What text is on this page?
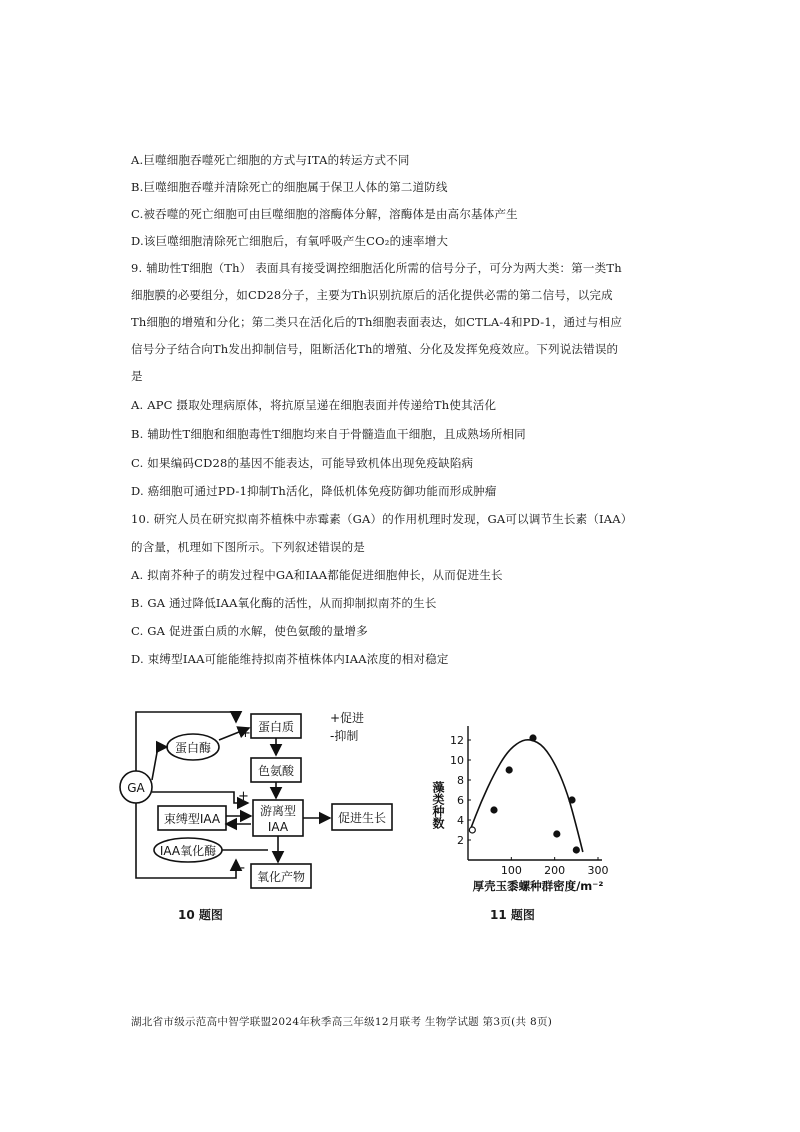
A.巨噬细胞吞噬死亡细胞的方式与ITA的转运方式不同
B.巨噬细胞吞噬并清除死亡的细胞属于保卫人体的第二道防线
C.被吞噬的死亡细胞可由巨噬细胞的溶酶体分解，溶酶体是由高尔基体产生
D.该巨噬细胞清除死亡细胞后，有氧呼吸产生CO₂的速率增大
9. 辅助性T细胞（Th） 表面具有接受调控细胞活化所需的信号分子，可分为两大类：第一类Th
细胞膜的必要组分，如CD28分子，主要为Th识别抗原后的活化提供必需的第二信号，以完成
Th细胞的增殖和分化；第二类只在活化后的Th细胞表面表达，如CTLA-4和PD-1，通过与相应
信号分子结合向Th发出抑制信号，阻断活化Th的增殖、分化及发挥免疫效应。下列说法错误的
是
A. APC 摄取处理病原体，将抗原呈递在细胞表面并传递给Th使其活化
B. 辅助性T细胞和细胞毒性T细胞均来自于骨髓造血干细胞，且成熟场所相同
C. 如果编码CD28的基因不能表达，可能导致机体出现免疫缺陷病
D. 癌细胞可通过PD-1抑制Th活化，降低机体免疫防御功能而形成肿瘤
10. 研究人员在研究拟南芥植株中赤霉素（GA）的作用机理时发现，GA可以调节生长素（IAA）
的含量，机理如下图所示。下列叙述错误的是
A. 拟南芥种子的萌发过程中GA和IAA都能促进细胞伸长，从而促进生长
B. GA 通过降低IAA氧化酶的活性，从而抑制拟南芥的生长
C. GA 促进蛋白质的水解，使色氨酸的量增多
D. 束缚型IAA可能能维持拟南芥植株体内IAA浓度的相对稳定
GA
蛋白酶
蛋白质
色氨酸
束缚型IAA
游离型
IAA
促进生长
IAA氧化酶
氧化产物
+
+
-
+促进
-抑制
10 题图
2
4
6
8
10
12
100 200 300
藻类种数
厚壳玉黍螺种群密度/m⁻²
11 题图
湖北省市级示范高中智学联盟2024年秋季高三年级12月联考 生物学试题 第3页(共 8页)
